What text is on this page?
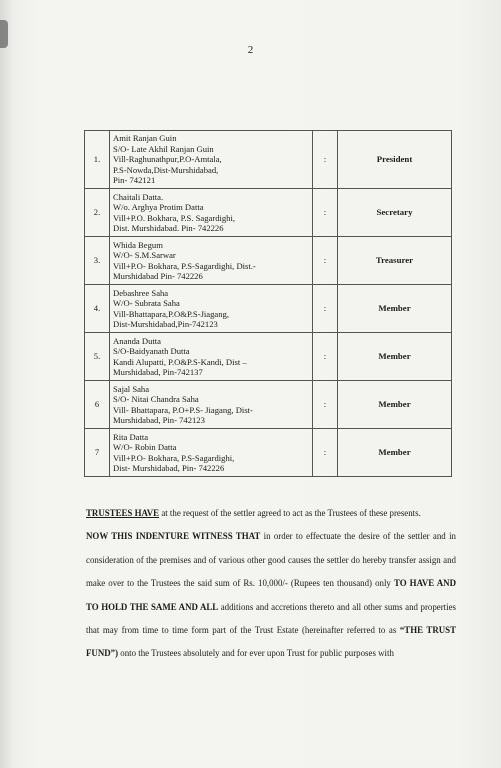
2
1.	Amit Ranjan Guin
S/O- Late Akhil Ranjan Guin
Vill-Raghunathpur,P.O-Amtala,
P.S-Nowda,Dist-Murshidabad,
Pin- 742121	:	President
2.	Chaitali Datta.
W/o. Arghya Protim Datta
Vill+P.O. Bokhara, P.S. Sagardighi,
Dist. Murshidabad. Pin- 742226	:	Secretary
3.	Whida Begum
W/O- S.M.Sarwar
Vill+P.O- Bokhara, P.S-Sagardighi, Dist.-
Murshidabad Pin- 742226	:	Treasurer
4.	Debashree Saha
W/O- Subrata Saha
Vill-Bhattapara,P.O&P.S-Jiagang,
Dist-Murshidabad,Pin-742123	:	Member
5.	Ananda Dutta
S/O-Baidyanath Dutta
Kandi Alupatti, P.O&P.S-Kandi, Dist –
Murshidabad, Pin-742137	:	Member
6	Sajal Saha
S/O- Nitai Chandra Saha
Vill- Bhattapara, P.O+P.S- Jiagang, Dist-
Murshidabad, Pin- 742123	:	Member
7	Rita Datta
W/O- Robin Datta
Vill+P.O- Bokhara, P.S-Sagardighi,
Dist- Murshidabad, Pin- 742226	:	Member

TRUSTEES HAVE at the request of the settler agreed to act as the Trustees of these presents.

NOW THIS INDENTURE WITNESS THAT in order to effectuate the desire of the settler and in consideration of the premises and of various other good causes the settler do hereby transfer assign and make over to the Trustees the said sum of Rs. 10,000/- (Rupees ten thousand) only TO HAVE AND TO HOLD THE SAME AND ALL additions and accretions thereto and all other sums and properties that may from time to time form part of the Trust Estate (hereinafter referred to as “THE TRUST FUND”) onto the Trustees absolutely and for ever upon Trust for public purposes with
